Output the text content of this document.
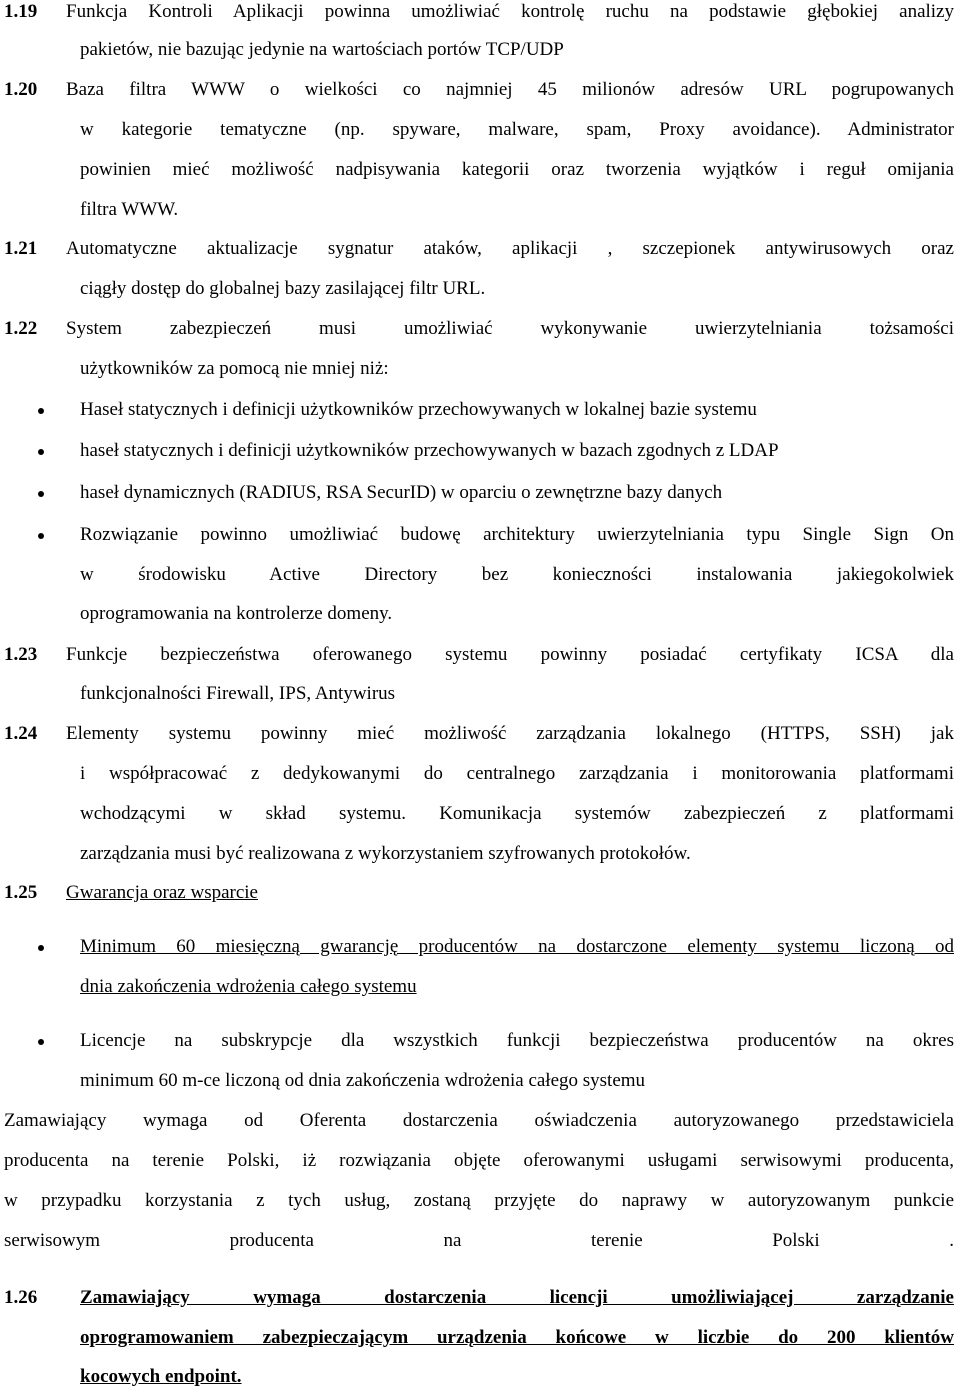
1.19 Funkcja Kontroli Aplikacji powinna umożliwiać kontrolę ruchu na podstawie głębokiej analizy
pakietów, nie bazując jedynie na wartościach portów TCP/UDP
1.20 Baza filtra WWW o wielkości co najmniej 45 milionów adresów URL pogrupowanych
w kategorie tematyczne (np. spyware, malware, spam, Proxy avoidance). Administrator
powinien mieć możliwość nadpisywania kategorii oraz tworzenia wyjątków i reguł omijania
filtra WWW.
1.21 Automatyczne aktualizacje sygnatur ataków, aplikacji , szczepionek antywirusowych oraz
ciągły dostęp do globalnej bazy zasilającej filtr URL.
1.22 System zabezpieczeń musi umożliwiać wykonywanie uwierzytelniania tożsamości
użytkowników za pomocą nie mniej niż:
Haseł statycznych i definicji użytkowników przechowywanych w lokalnej bazie systemu
haseł statycznych i definicji użytkowników przechowywanych w bazach zgodnych z LDAP
haseł dynamicznych (RADIUS, RSA SecurID) w oparciu o zewnętrzne bazy danych
Rozwiązanie powinno umożliwiać budowę architektury uwierzytelniania typu Single Sign On
w środowisku Active Directory bez konieczności instalowania jakiegokolwiek
oprogramowania na kontrolerze domeny.
1.23 Funkcje bezpieczeństwa oferowanego systemu powinny posiadać certyfikaty ICSA dla
funkcjonalności Firewall, IPS, Antywirus
1.24 Elementy systemu powinny mieć możliwość zarządzania lokalnego (HTTPS, SSH) jak
i współpracować z dedykowanymi do centralnego zarządzania i monitorowania platformami
wchodzącymi w skład systemu. Komunikacja systemów zabezpieczeń z platformami
zarządzania musi być realizowana z wykorzystaniem szyfrowanych protokołów.
1.25 Gwarancja oraz wsparcie
Minimum 60 miesięczną gwarancję producentów na dostarczone elementy systemu liczoną od
dnia zakończenia wdrożenia całego systemu
Licencje na subskrypcje dla wszystkich funkcji bezpieczeństwa producentów na okres
minimum 60 m-ce liczoną od dnia zakończenia wdrożenia całego systemu
Zamawiający wymaga od Oferenta dostarczenia oświadczenia autoryzowanego przedstawiciela
producenta na terenie Polski, iż rozwiązania objęte oferowanymi usługami serwisowymi producenta,
w przypadku korzystania z tych usług, zostaną przyjęte do naprawy w autoryzowanym punkcie
serwisowym producenta na terenie Polski .
1.26 Zamawiający wymaga dostarczenia licencji umożliwiającej zarządzanie
oprogramowaniem zabezpieczającym urządzenia końcowe w liczbie do 200 klientów
kocowych endpoint.
